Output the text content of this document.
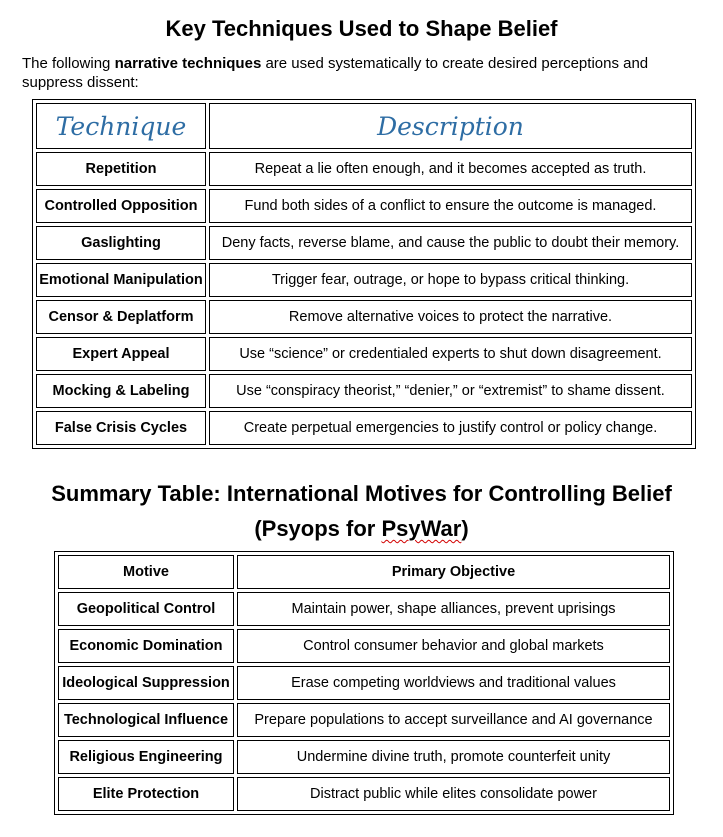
Key Techniques Used to Shape Belief

The following narrative techniques are used systematically to create desired perceptions and suppress dissent:

Technique	Description
Repetition	Repeat a lie often enough, and it becomes accepted as truth.
Controlled Opposition	Fund both sides of a conflict to ensure the outcome is managed.
Gaslighting	Deny facts, reverse blame, and cause the public to doubt their memory.
Emotional Manipulation	Trigger fear, outrage, or hope to bypass critical thinking.
Censor & Deplatform	Remove alternative voices to protect the narrative.
Expert Appeal	Use “science” or credentialed experts to shut down disagreement.
Mocking & Labeling	Use “conspiracy theorist,” “denier,” or “extremist” to shame dissent.
False Crisis Cycles	Create perpetual emergencies to justify control or policy change.
Summary Table: International Motives for Controlling Belief
(Psyops for PsyWar)
Motive	Primary Objective
Geopolitical Control	Maintain power, shape alliances, prevent uprisings
Economic Domination	Control consumer behavior and global markets
Ideological Suppression	Erase competing worldviews and traditional values
Technological Influence	Prepare populations to accept surveillance and AI governance
Religious Engineering	Undermine divine truth, promote counterfeit unity
Elite Protection	Distract public while elites consolidate power
